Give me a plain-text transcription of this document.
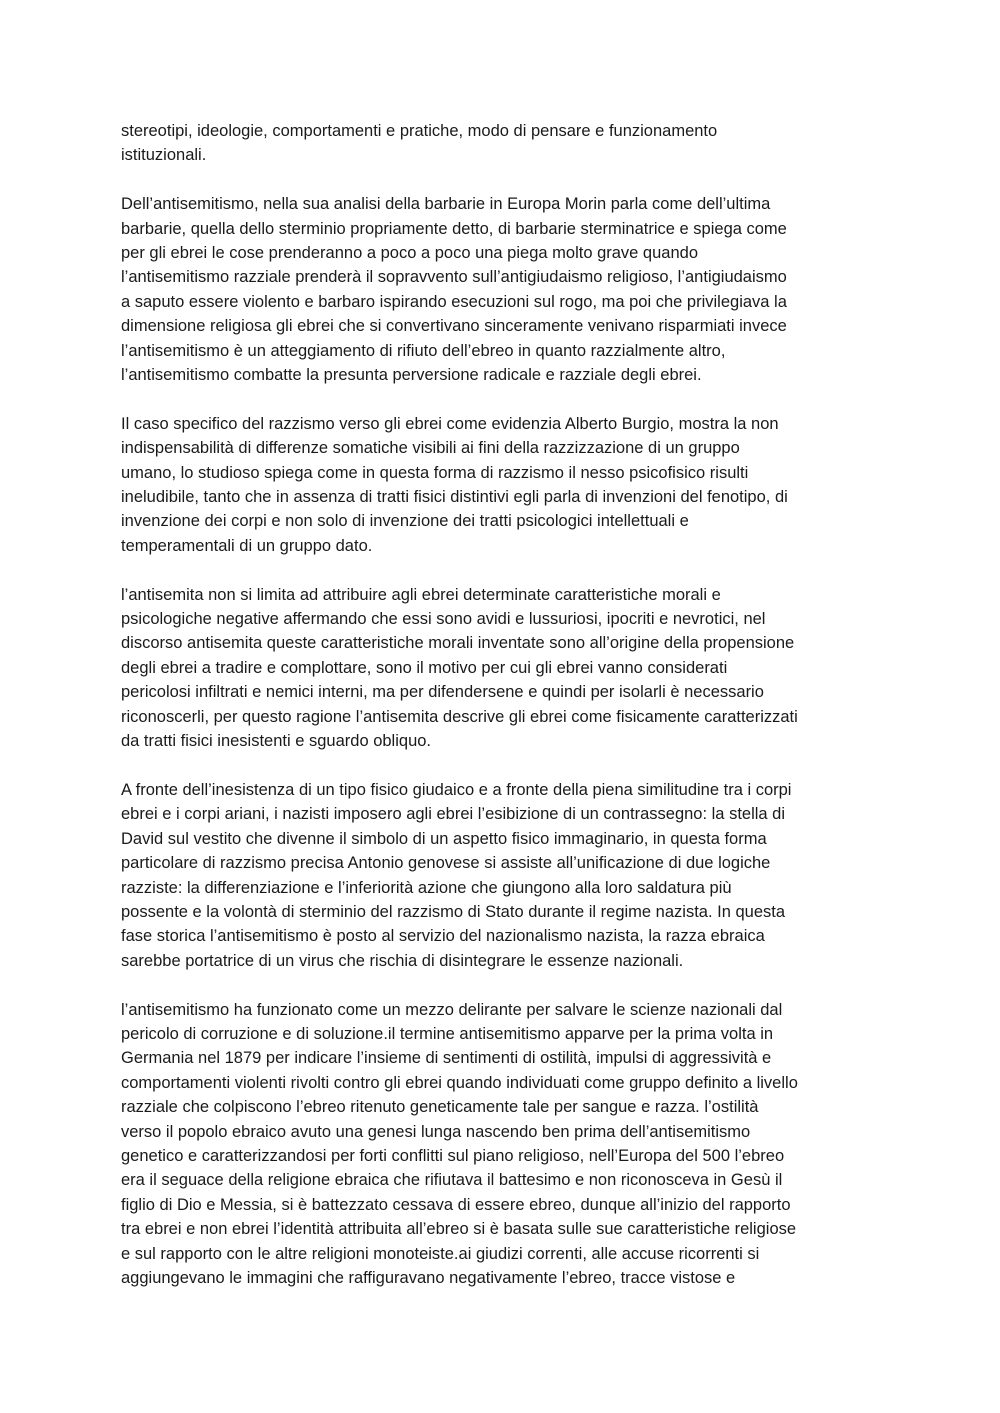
stereotipi, ideologie, comportamenti e pratiche, modo di pensare e funzionamento
istituzionali.

Dell’antisemitismo, nella sua analisi della barbarie in Europa Morin parla come dell’ultima
barbarie, quella dello sterminio propriamente detto, di barbarie sterminatrice e spiega come
per gli ebrei le cose prenderanno a poco a poco una piega molto grave quando
l’antisemitismo razziale prenderà il sopravvento sull’antigiudaismo religioso, l’antigiudaismo
a saputo essere violento e barbaro ispirando esecuzioni sul rogo, ma poi che privilegiava la
dimensione religiosa gli ebrei che si convertivano sinceramente venivano risparmiati invece
l’antisemitismo è un atteggiamento di rifiuto dell’ebreo in quanto razzialmente altro,
l’antisemitismo combatte la presunta perversione radicale e razziale degli ebrei.

Il caso specifico del razzismo verso gli ebrei come evidenzia Alberto Burgio, mostra la non
indispensabilità di differenze somatiche visibili ai fini della razzizzazione di un gruppo
umano, lo studioso spiega come in questa forma di razzismo il nesso psicofisico risulti
ineludibile, tanto che in assenza di tratti fisici distintivi egli parla di invenzioni del fenotipo, di
invenzione dei corpi e non solo di invenzione dei tratti psicologici intellettuali e
temperamentali di un gruppo dato.

l’antisemita non si limita ad attribuire agli ebrei determinate caratteristiche morali e
psicologiche negative affermando che essi sono avidi e lussuriosi, ipocriti e nevrotici, nel
discorso antisemita queste caratteristiche morali inventate sono all’origine della propensione
degli ebrei a tradire e complottare, sono il motivo per cui gli ebrei vanno considerati
pericolosi infiltrati e nemici interni, ma per difendersene e quindi per isolarli è necessario
riconoscerli, per questo ragione l’antisemita descrive gli ebrei come fisicamente caratterizzati
da tratti fisici inesistenti e sguardo obliquo.

A fronte dell’inesistenza di un tipo fisico giudaico e a fronte della piena similitudine tra i corpi
ebrei e i corpi ariani, i nazisti imposero agli ebrei l’esibizione di un contrassegno: la stella di
David sul vestito che divenne il simbolo di un aspetto fisico immaginario, in questa forma
particolare di razzismo precisa Antonio genovese si assiste all’unificazione di due logiche
razziste: la differenziazione e l’inferiorità azione che giungono alla loro saldatura più
possente e la volontà di sterminio del razzismo di Stato durante il regime nazista. In questa
fase storica l’antisemitismo è posto al servizio del nazionalismo nazista, la razza ebraica
sarebbe portatrice di un virus che rischia di disintegrare le essenze nazionali.

l’antisemitismo ha funzionato come un mezzo delirante per salvare le scienze nazionali dal
pericolo di corruzione e di soluzione.il termine antisemitismo apparve per la prima volta in
Germania nel 1879 per indicare l’insieme di sentimenti di ostilità, impulsi di aggressività e
comportamenti violenti rivolti contro gli ebrei quando individuati come gruppo definito a livello
razziale che colpiscono l’ebreo ritenuto geneticamente tale per sangue e razza. l’ostilità
verso il popolo ebraico avuto una genesi lunga nascendo ben prima dell’antisemitismo
genetico e caratterizzandosi per forti conflitti sul piano religioso, nell’Europa del 500 l’ebreo
era il seguace della religione ebraica che rifiutava il battesimo e non riconosceva in Gesù il
figlio di Dio e Messia, si è battezzato cessava di essere ebreo, dunque all’inizio del rapporto
tra ebrei e non ebrei l’identità attribuita all’ebreo si è basata sulle sue caratteristiche religiose
e sul rapporto con le altre religioni monoteiste.ai giudizi correnti, alle accuse ricorrenti si
aggiungevano le immagini che raffiguravano negativamente l’ebreo, tracce vistose e
